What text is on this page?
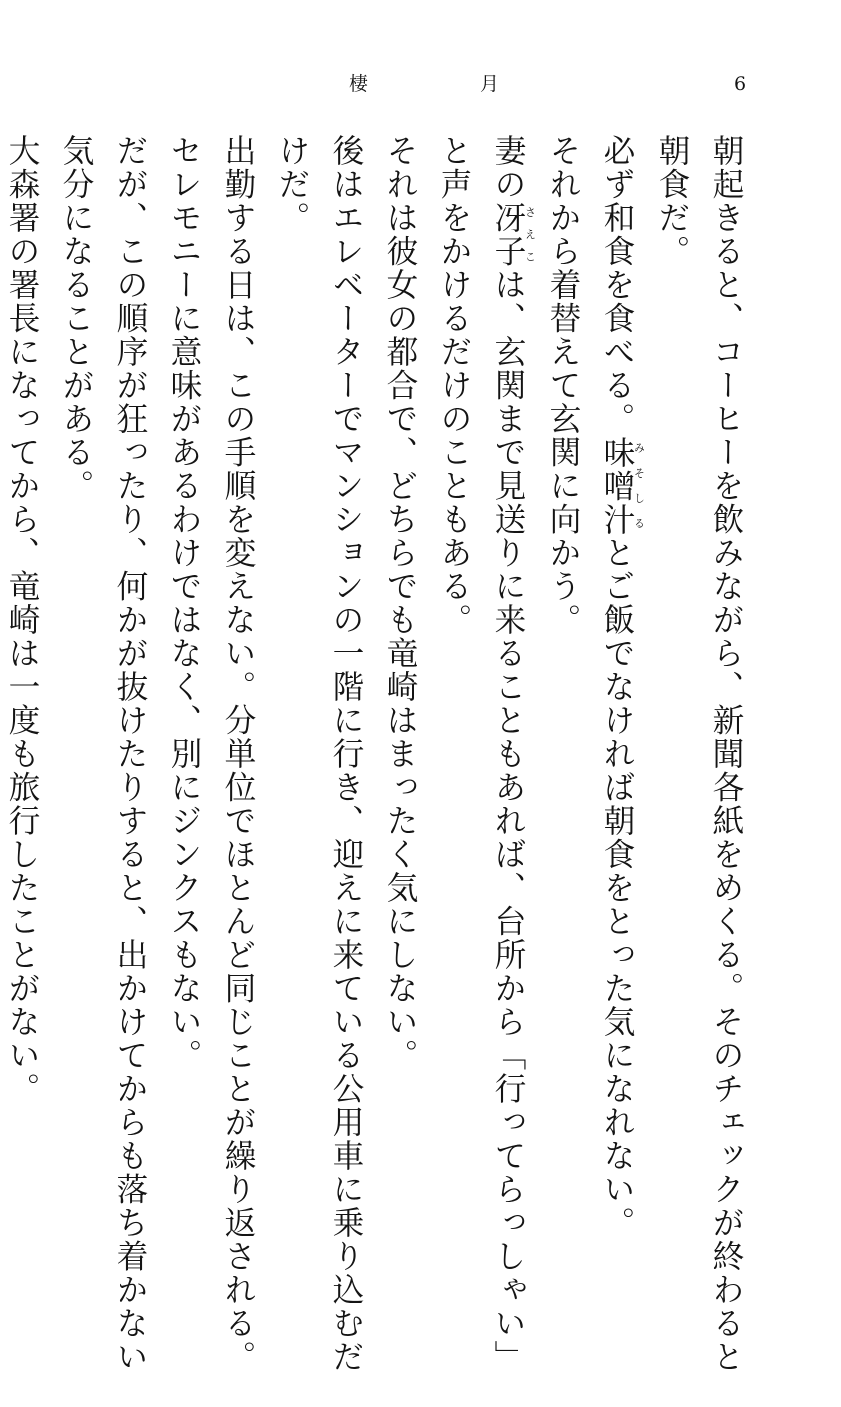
棲	月	6
朝起きると、コーヒーを飲みながら、新聞各紙をめくる。そのチェックが終わると
朝食だ。
必ず和食を食べる。味噌汁みそしるとご飯でなければ朝食をとった気になれない。
それから着替えて玄関に向かう。
妻の冴子さえこは、玄関まで見送りに来ることもあれば、台所から「行ってらっしゃい」
と声をかけるだけのこともある。
それは彼女の都合で、どちらでも竜崎はまったく気にしない。
後はエレベーターでマンションの一階に行き、迎えに来ている公用車に乗り込むだ
けだ。
出勤する日は、この手順を変えない。分単位でほとんど同じことが繰り返される。
セレモニーに意味があるわけではなく、別にジンクスもない。
だが、この順序が狂ったり、何かが抜けたりすると、出かけてからも落ち着かない
気分になることがある。
大森署の署長になってから、竜崎は一度も旅行したことがない。
